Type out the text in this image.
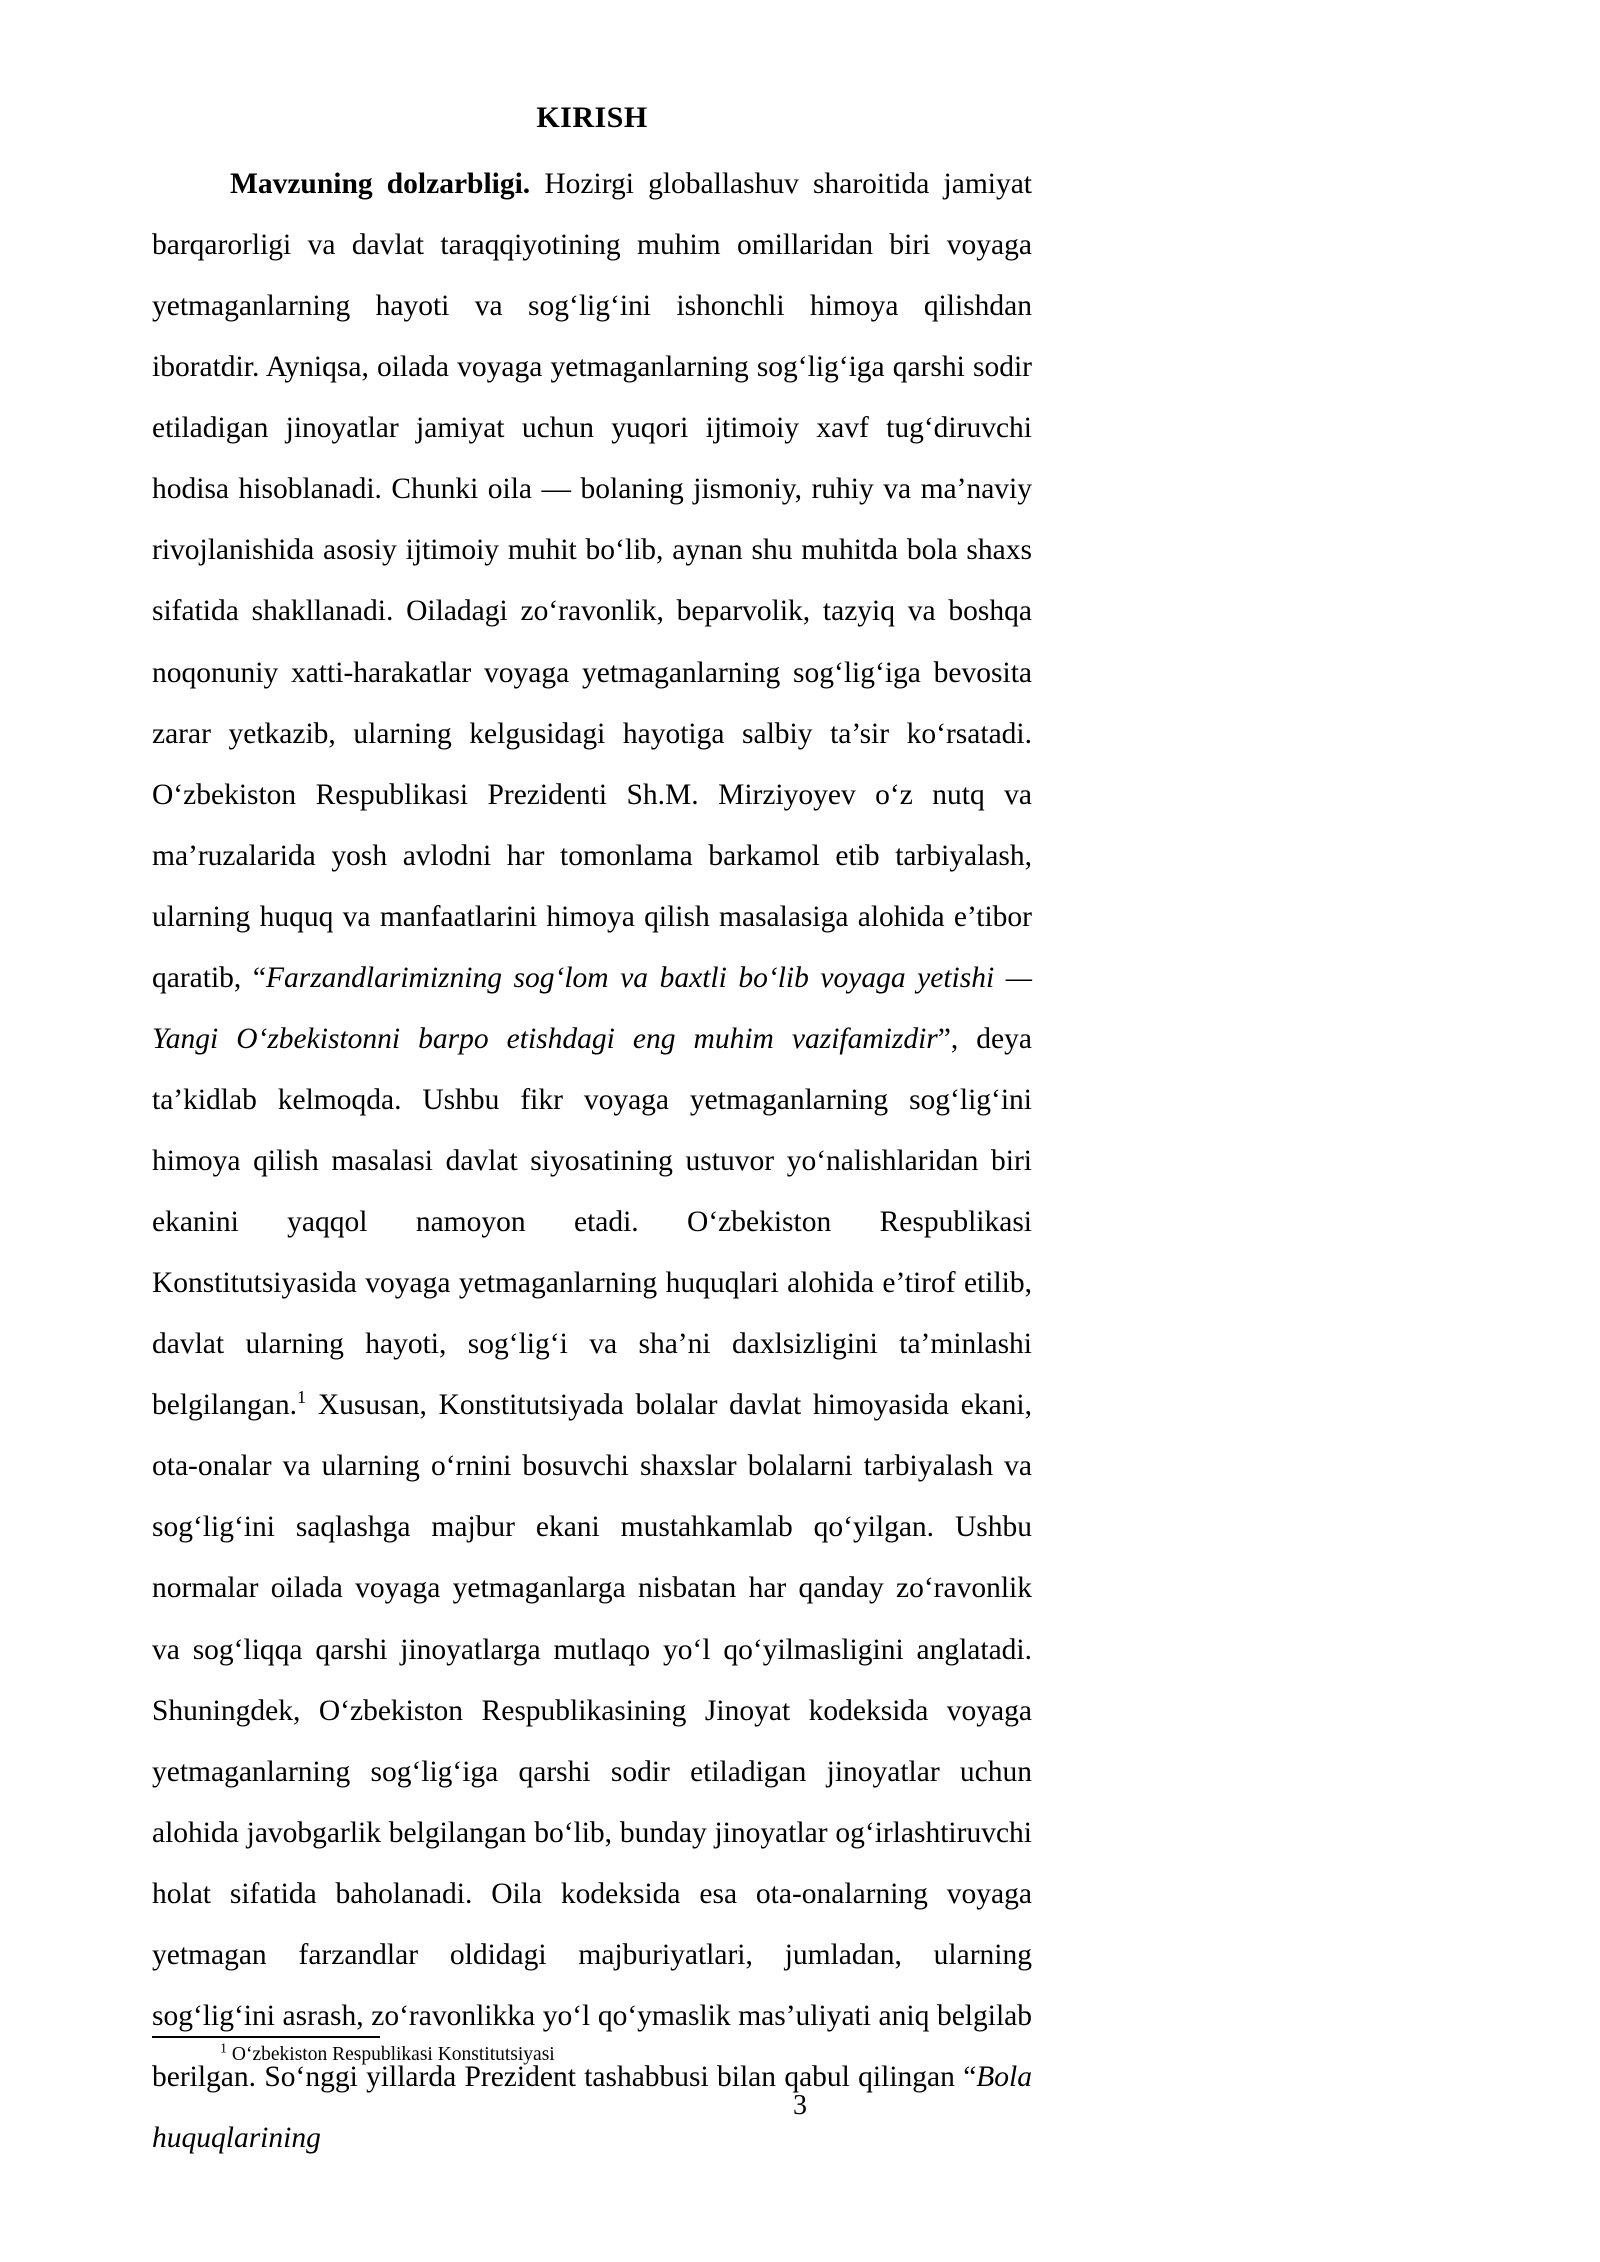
KIRISH

Mavzuning dolzarbligi. Hozirgi globallashuv sharoitida jamiyat barqarorligi va davlat taraqqiyotining muhim omillaridan biri voyaga yetmaganlarning hayoti va sog‘lig‘ini ishonchli himoya qilishdan iboratdir. Ayniqsa, oilada voyaga yetmaganlarning sog‘lig‘iga qarshi sodir etiladigan jinoyatlar jamiyat uchun yuqori ijtimoiy xavf tug‘diruvchi hodisa hisoblanadi. Chunki oila — bolaning jismoniy, ruhiy va ma’naviy rivojlanishida asosiy ijtimoiy muhit bo‘lib, aynan shu muhitda bola shaxs sifatida shakllanadi. Oiladagi zo‘ravonlik, beparvolik, tazyiq va boshqa noqonuniy xatti-harakatlar voyaga yetmaganlarning sog‘lig‘iga bevosita zarar yetkazib, ularning kelgusidagi hayotiga salbiy ta’sir ko‘rsatadi. O‘zbekiston Respublikasi Prezidenti Sh.M. Mirziyoyev o‘z nutq va ma’ruzalarida yosh avlodni har tomonlama barkamol etib tarbiyalash, ularning huquq va manfaatlarini himoya qilish masalasiga alohida e’tibor qaratib, “Farzandlarimizning sog‘lom va baxtli bo‘lib voyaga yetishi — Yangi O‘zbekistonni barpo etishdagi eng muhim vazifamizdir”, deya ta’kidlab kelmoqda. Ushbu fikr voyaga yetmaganlarning sog‘lig‘ini himoya qilish masalasi davlat siyosatining ustuvor yo‘nalishlaridan biri ekanini yaqqol namoyon etadi. O‘zbekiston Respublikasi Konstitutsiyasida voyaga yetmaganlarning huquqlari alohida e’tirof etilib, davlat ularning hayoti, sog‘lig‘i va sha’ni daxlsizligini ta’minlashi belgilangan.$^1$ Xususan, Konstitutsiyada bolalar davlat himoyasida ekani, ota-onalar va ularning o‘rnini bosuvchi shaxslar bolalarni tarbiyalash va sog‘lig‘ini saqlashga majbur ekani mustahkamlab qo‘yilgan. Ushbu normalar oilada voyaga yetmaganlarga nisbatan har qanday zo‘ravonlik va sog‘liqqa qarshi jinoyatlarga mutlaqo yo‘l qo‘yilmasligini anglatadi. Shuningdek, O‘zbekiston Respublikasining Jinoyat kodeksida voyaga yetmaganlarning sog‘lig‘iga qarshi sodir etiladigan jinoyatlar uchun alohida javobgarlik belgilangan bo‘lib, bunday jinoyatlar og‘irlashtiruvchi holat sifatida baholanadi. Oila kodeksida esa ota-onalarning voyaga yetmagan farzandlar oldidagi majburiyatlari, jumladan, ularning sog‘lig‘ini asrash, zo‘ravonlikka yo‘l qo‘ymaslik mas’uliyati aniq belgilab berilgan. So‘nggi yillarda Prezident tashabbusi bilan qabul qilingan “Bola huquqlarining

$^1$ O‘zbekiston Respublikasi Konstitutsiyasi

3
